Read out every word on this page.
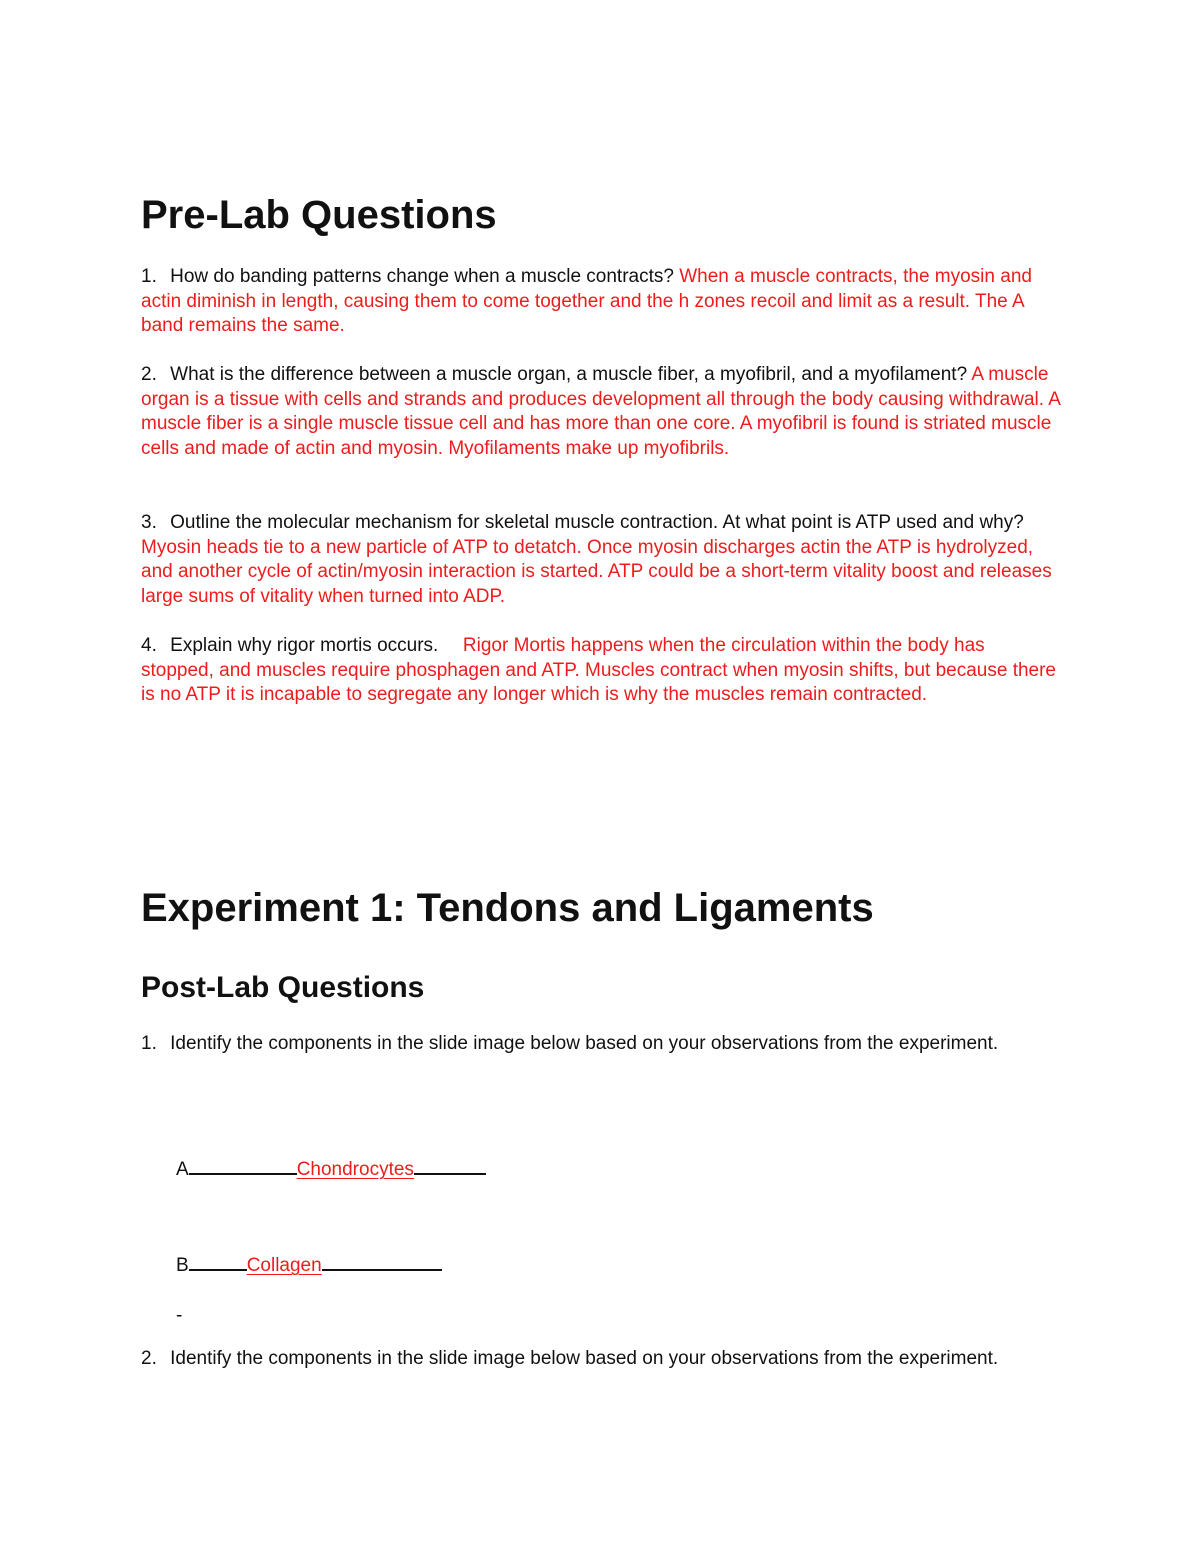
Pre-Lab Questions

1. How do banding patterns change when a muscle contracts? When a muscle contracts, the myosin and actin diminish in length, causing them to come together and the h zones recoil and limit as a result. The A band remains the same.

2. What is the difference between a muscle organ, a muscle fiber, a myofibril, and a myofilament? A muscle organ is a tissue with cells and strands and produces development all through the body causing withdrawal. A muscle fiber is a single muscle tissue cell and has more than one core. A myofibril is found is striated muscle cells and made of actin and myosin. Myofilaments make up myofibrils.

3. Outline the molecular mechanism for skeletal muscle contraction. At what point is ATP used and why? Myosin heads tie to a new particle of ATP to detatch. Once myosin discharges actin the ATP is hydrolyzed, and another cycle of actin/myosin interaction is started. ATP could be a short-term vitality boost and releases large sums of vitality when turned into ADP.

4. Explain why rigor mortis occurs. Rigor Mortis happens when the circulation within the body has stopped, and muscles require phosphagen and ATP. Muscles contract when myosin shifts, but because there is no ATP it is incapable to segregate any longer which is why the muscles remain contracted.

Experiment 1: Tendons and Ligaments
Post-Lab Questions

1. Identify the components in the slide image below based on your observations from the experiment.

A	Chondrocytes
B	Collagen
-

2. Identify the components in the slide image below based on your observations from the experiment.
